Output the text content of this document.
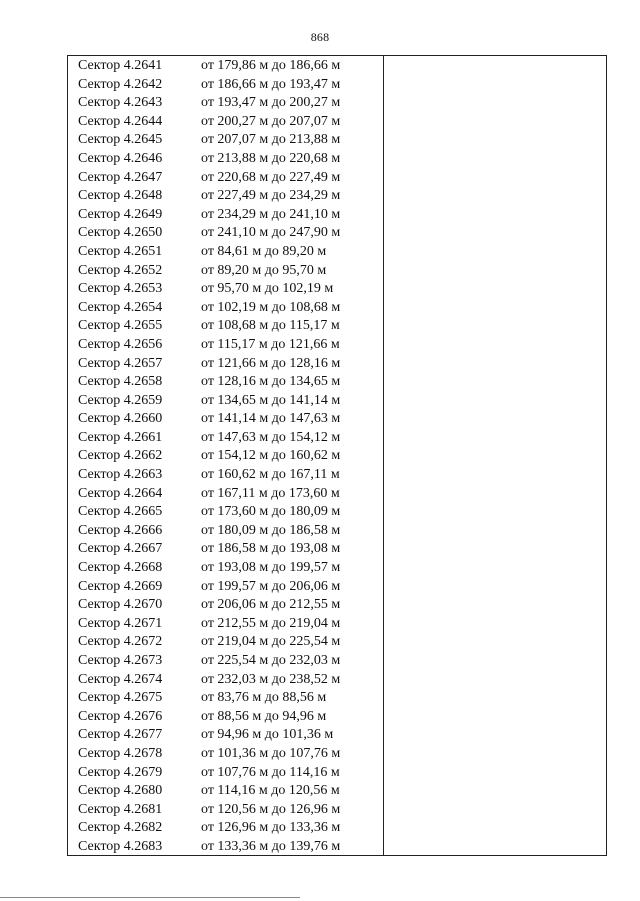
868
Сектор 4.2641	от 179,86 м до 186,66 м
Сектор 4.2642	от 186,66 м до 193,47 м
Сектор 4.2643	от 193,47 м до 200,27 м
Сектор 4.2644	от 200,27 м до 207,07 м
Сектор 4.2645	от 207,07 м до 213,88 м
Сектор 4.2646	от 213,88 м до 220,68 м
Сектор 4.2647	от 220,68 м до 227,49 м
Сектор 4.2648	от 227,49 м до 234,29 м
Сектор 4.2649	от 234,29 м до 241,10 м
Сектор 4.2650	от 241,10 м до 247,90 м
Сектор 4.2651	от 84,61 м до 89,20 м
Сектор 4.2652	от 89,20 м до 95,70 м
Сектор 4.2653	от 95,70 м до 102,19 м
Сектор 4.2654	от 102,19 м до 108,68 м
Сектор 4.2655	от 108,68 м до 115,17 м
Сектор 4.2656	от 115,17 м до 121,66 м
Сектор 4.2657	от 121,66 м до 128,16 м
Сектор 4.2658	от 128,16 м до 134,65 м
Сектор 4.2659	от 134,65 м до 141,14 м
Сектор 4.2660	от 141,14 м до 147,63 м
Сектор 4.2661	от 147,63 м до 154,12 м
Сектор 4.2662	от 154,12 м до 160,62 м
Сектор 4.2663	от 160,62 м до 167,11 м
Сектор 4.2664	от 167,11 м до 173,60 м
Сектор 4.2665	от 173,60 м до 180,09 м
Сектор 4.2666	от 180,09 м до 186,58 м
Сектор 4.2667	от 186,58 м до 193,08 м
Сектор 4.2668	от 193,08 м до 199,57 м
Сектор 4.2669	от 199,57 м до 206,06 м
Сектор 4.2670	от 206,06 м до 212,55 м
Сектор 4.2671	от 212,55 м до 219,04 м
Сектор 4.2672	от 219,04 м до 225,54 м
Сектор 4.2673	от 225,54 м до 232,03 м
Сектор 4.2674	от 232,03 м до 238,52 м
Сектор 4.2675	от 83,76 м до 88,56 м
Сектор 4.2676	от 88,56 м до 94,96 м
Сектор 4.2677	от 94,96 м до 101,36 м
Сектор 4.2678	от 101,36 м до 107,76 м
Сектор 4.2679	от 107,76 м до 114,16 м
Сектор 4.2680	от 114,16 м до 120,56 м
Сектор 4.2681	от 120,56 м до 126,96 м
Сектор 4.2682	от 126,96 м до 133,36 м
Сектор 4.2683	от 133,36 м до 139,76 м
